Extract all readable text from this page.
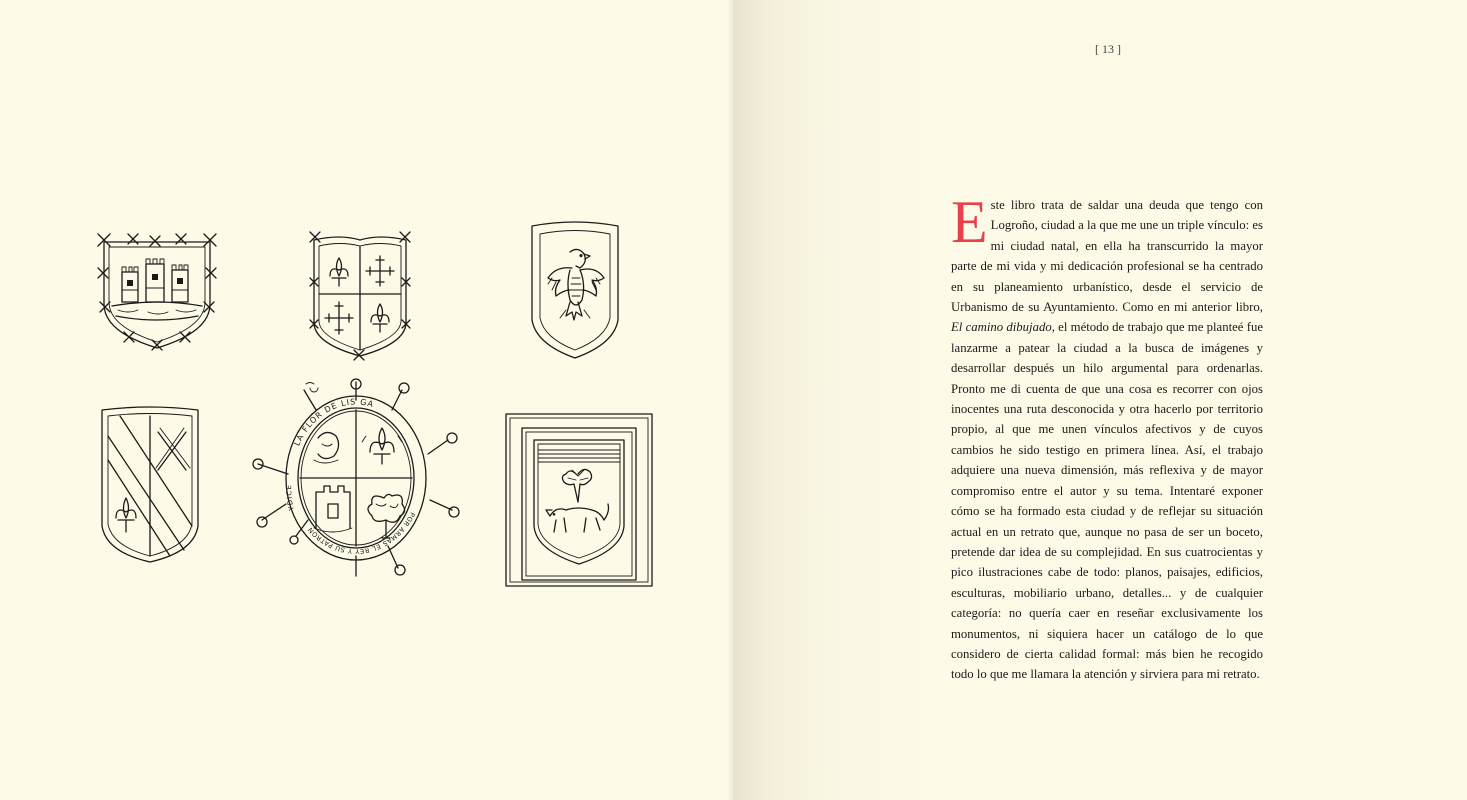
LA FLOR DE LIS GA
POR ARMAS EL REY Y SU PATRON
YDICE
[ 13 ]
Este libro trata de saldar una deuda que tengo con Logroño, ciudad a la que me une un triple vínculo: es mi ciudad natal, en ella ha transcurrido la mayor parte de mi vida y mi dedicación profesional se ha centrado en su planeamiento urbanístico, desde el servicio de Urbanismo de su Ayuntamiento. Como en mi anterior libro, El camino dibujado, el método de trabajo que me planteé fue lanzarme a patear la ciudad a la busca de imágenes y desarrollar después un hilo argumental para ordenarlas. Pronto me di cuenta de que una cosa es recorrer con ojos inocentes una ruta desconocida y otra hacerlo por territorio propio, al que me unen vínculos afectivos y de cuyos cambios he sido testigo en primera línea. Así, el trabajo adquiere una nueva dimensión, más reflexiva y de mayor compromiso entre el autor y su tema. Intentaré exponer cómo se ha formado esta ciudad y de reflejar su situación actual en un retrato que, aunque no pasa de ser un boceto, pretende dar idea de su complejidad. En sus cuatrocientas y pico ilustraciones cabe de todo: planos, paisajes, edificios, esculturas, mobiliario urbano, detalles... y de cualquier categoría: no quería caer en reseñar exclusivamente los monumentos, ni siquiera hacer un catálogo de lo que considero de cierta calidad formal: más bien he recogido todo lo que me llamara la atención y sirviera para mi retrato.
